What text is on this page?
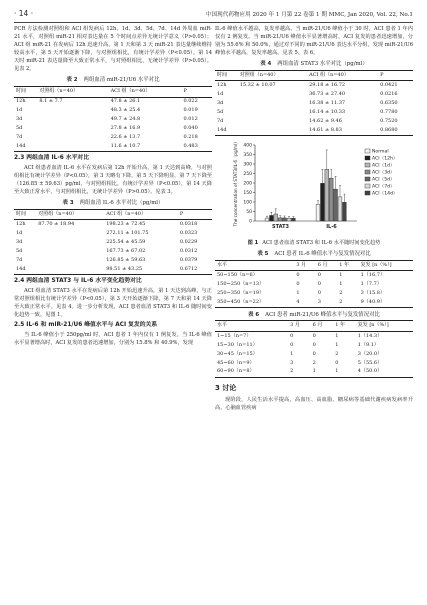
· 14 ·	中国现代药物应用 2020 年 1 月第 22 卷第 1 期 MMC, Jan 2020, Vol. 22, No.1

PCR 方法检测对照组和 ACI 组发病后 12h、1d、3d、5d、7d、14d 外周血 miR-21 水平，对照组 miR-21 相对表达量在 5 个时间点差异无统计学意义（P>0.05）；ACI 组 miR-21 在发病后 12h 迅速升高，第 1 天和第 3 天 miR-21 表达量继续维持较高水平，第 5 天开始逐渐下降，与对照组相比，有统计学差异（P<0.05）。第 14 天时 miR-21 表达量降至大致正常水平，与对照组相比，无统计学差异（P>0.05）。见表 2。

表 2 两组血清 miR-21/U6 水平对比
时间	对照组（n=40）	ACI 组（n=40）	P
12h	8.1 ± 7.7	47.8 ± 26.1	0.022
1d		48.3 ± 25.4	0.019
3d		49.7 ± 24.8	0.012
5d		27.8 ± 16.9	0.040
7d		22.6 ± 13.7	0.218
14d		11.6 ± 10.7	0.483
2.3 两组血清 IL-6 水平对比

ACI 组患者血清 IL-6 水平在发病后第 12h 开始升高，第 1 天达到高峰，与对照组相比有统计学差异（P<0.05），第 3 天略有下降，第 5 天下降明显，第 7 天下降至（126.85 ± 59.63）pg/ml，与对照组相比，有统计学差异（P<0.05），第 14 天降至大致正常水平，与对照组相比，无统计学差异（P>0.05）。见表 3。

表 3 两组血清 IL-6 水平对比（pg/ml）
时间	对照组（n=40）	ACI 组（n=40）	P
12h	87.70 ± 18.94	198.23 ± 72.45	0.0318
1d		272.11 ± 101.75	0.0323
3d		225.54 ± 45.59	0.0229
5d		167.73 ± 67.02	0.0312
7d		126.85 ± 59.63	0.0379
14d		98.51 ± 43.25	0.6712
2.4 两组血清 STAT3 与 IL-6 水平变化趋势对比

ACI 组血清 STAT3 水平在发病后第 12h 开始迅速升高，第 1 天达到高峰，与正常对照组相比有统计学差异（P<0.05），第 3 天开始逐渐下降，第 7 天和第 14 天降至大致正常水平。见表 4。进一步分析发现，ACI 患者血清 STAT3 和 IL-6 随时间变化趋势一致。见图 1。

2.5 IL-6 和 miR-21/U6 峰值水平与 ACI 复发的关系

当 IL-6 峰值小于 250pg/ml 时，ACI 患者 1 年内仅有 1 例复发。当 IL-6 峰值水平显著增高时，ACI 复发的患者迅速增加，分别为 15.8% 和 40.9%，发现

IL-6 峰值水平越高，复发率越高。当 miR-21/U6 峰值小于 30 时，ACI 患者 1 年内仅有 2 例复发。当 miR-21/U6 峰值水平显著增高时，ACI 复发的患者迅速增加，分别为 55.6% 和 50.0%，通过对不同的 miR-21/U6 表达水平分组，发现 miR-21/U6 峰值水平越高，复发率越高。见表 5、表 6。

表 4 两组血清 STAT3 水平对比（pg/ml）
时间	对照组（n=40）	ACI 组（n=40）	P
12h	15.32 ± 10.07	29.18 ± 16.72	0.0421
1d		36.73 ± 27.40	0.0216
3d		16.38 ± 11.37	0.6350
5d		16.14 ± 10.33	0.7780
7d		14.62 ± 9.46	0.7520
14d		14.61 ± 8.83	0.8680
0
50
100
150
200
250
300
350
400
The concentration of STAT3/IL-6（pg/ml）
STAT3	IL-6
Normal
ACI（12h）
ACI（1d）
ACI（3d）
ACI（5d）
ACI（7d）
ACI（14d）
图 1 ACI 患者血清 STAT3 和 IL-6 水平随时间变化趋势
表 5 ACI 患者 IL-6 峰值水平与复发情况对比
水平	3 月	6 月	1 年	复发 [n（%）]
50~150（n=6）	0	0	1	1（16.7）
150~250（n=13）	0	0	1	1（7.7）
250~350（n=19）	1	0	2	3（15.8）
350~450（n=22）	4	3	2	9（40.9）
表 6 ACI 患者 miR-21/U6 峰值水平与复发情况对比
水平	3 月	6 月	1 年	复发 [n（%）]
1~15（n=7）	0	0	1	1（14.3）
15~30（n=11）	0	0	1	1（9.1）
30~45（n=15）	1	0	2	3（20.0）
45~60（n=9）	3	2	0	5（55.6）
60~90（n=8）	2	1	1	4（50.0）
3 讨论

现阶段，人民生活水平提高，高血压、高血脂、糖尿病等基础代谢疾病发病率升高，心脑血管疾病
